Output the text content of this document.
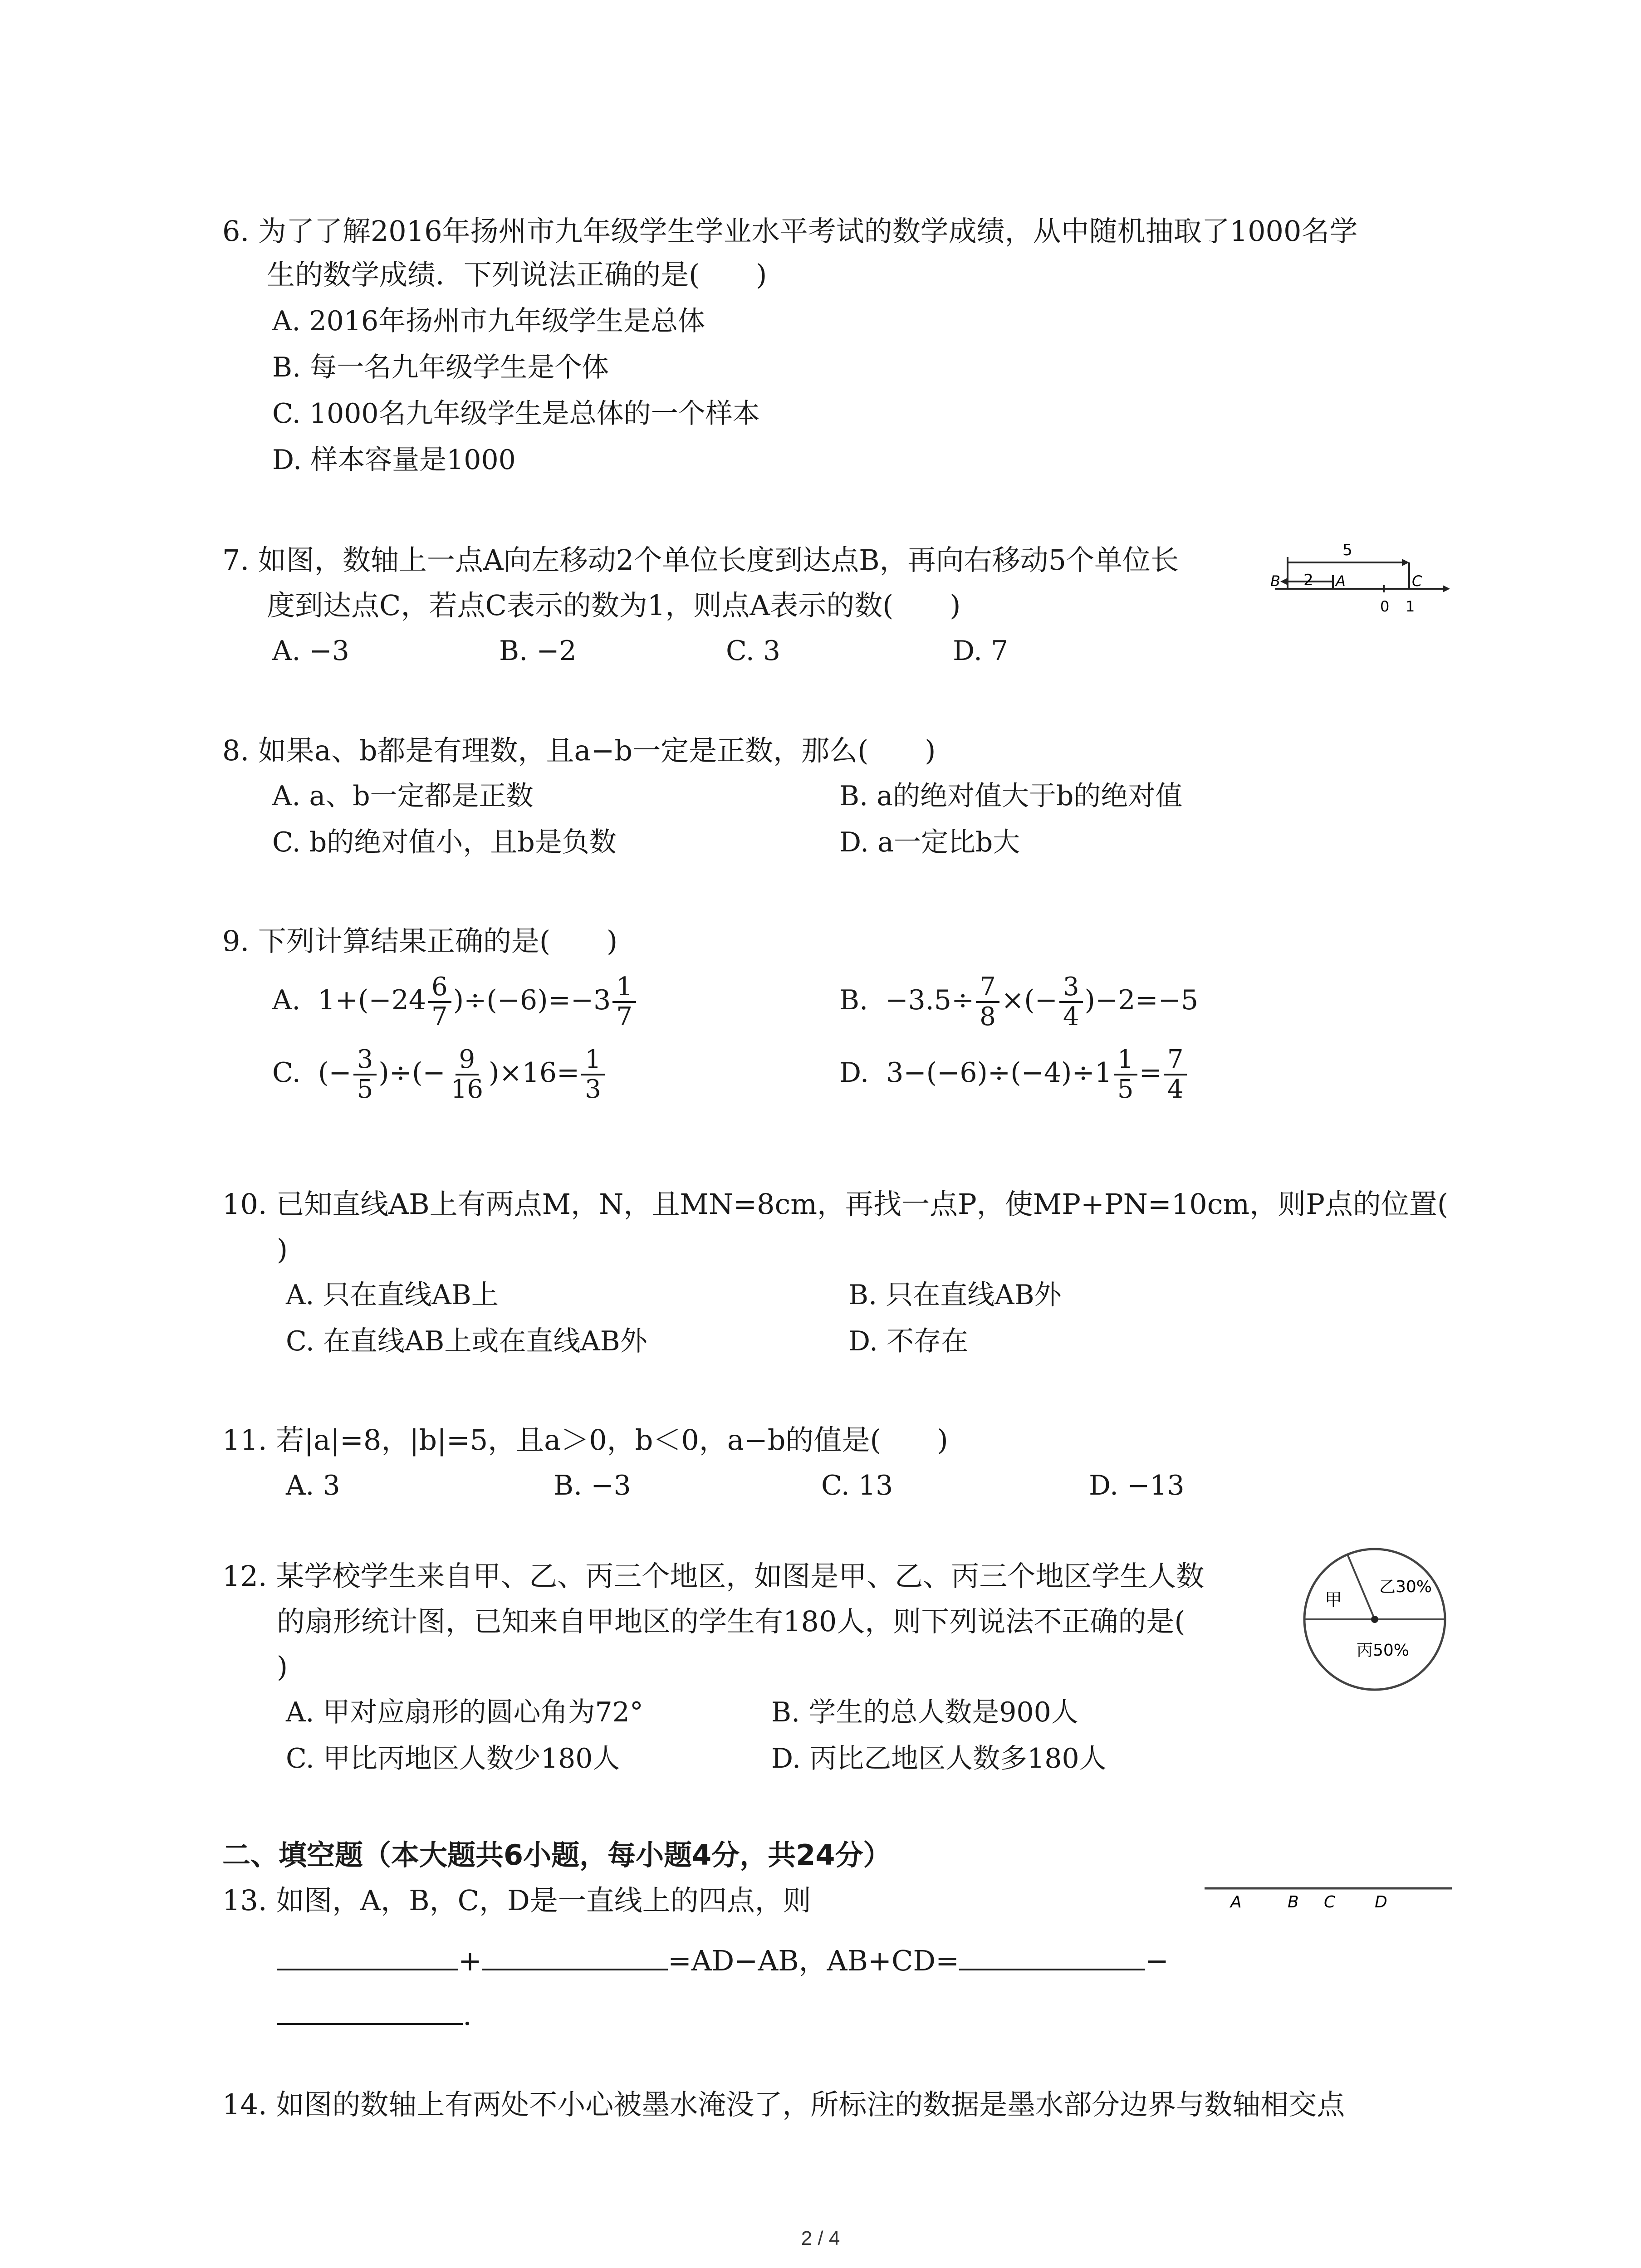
6. 为了了解2016年扬州市九年级学生学业水平考试的数学成绩，从中随机抽取了1000名学
生的数学成绩．下列说法正确的是(　　)
A. 2016年扬州市九年级学生是总体
B. 每一名九年级学生是个体
C. 1000名九年级学生是总体的一个样本
D. 样本容量是1000
7. 如图，数轴上一点A向左移动2个单位长度到达点B，再向右移动5个单位长
度到达点C，若点C表示的数为1，则点A表示的数(　　)
A. −3	B. −2	C. 3	D. 7
5
2
B	A	C
0 1
8. 如果a、b都是有理数，且a−b一定是正数，那么(　　)
A. a、b一定都是正数	B. a的绝对值大于b的绝对值
C. b的绝对值小，且b是负数	D. a一定比b大
9. 下列计算结果正确的是(　　)
A. $1+(-24 \frac{6}{7} )\div(-6)=-3 \frac{1}{7}$	B. $-3.5\div \frac{7}{8}$ ×(− $\frac{3}{4} )-2=-5$
C. (− $\frac{3}{5}$ )÷(− $\frac{9}{16} )\times 16= \frac{1}{3}$	D. $3-(-6)\div(-4)\div 1 \frac{1}{5} = \frac{7}{4}$
10. 已知直线AB上有两点M，N，且MN=8cm，再找一点P，使MP+PN=10cm，则P点的位置(
)
A. 只在直线AB上	B. 只在直线AB外
C. 在直线AB上或在直线AB外	D. 不存在
11. 若|a|=8，|b|=5，且a＞0，b＜0，a−b的值是(　　)
A. 3	B. −3	C. 13	D. −13
12. 某学校学生来自甲、乙、丙三个地区，如图是甲、乙、丙三个地区学生人数
的扇形统计图，已知来自甲地区的学生有180人，则下列说法不正确的是(
)
A. 甲对应扇形的圆心角为72°	B. 学生的总人数是900人
C. 甲比丙地区人数少180人	D. 丙比乙地区人数多180人
甲
乙30%
丙50%
二、填空题（本大题共6小题，每小题4分，共24分）
13. 如图，A，B，C，D是一直线上的四点，则
+	=AD−AB，AB+CD=	−
.
A	B C D
14. 如图的数轴上有两处不小心被墨水淹没了，所标注的数据是墨水部分边界与数轴相交点
2 / 4
